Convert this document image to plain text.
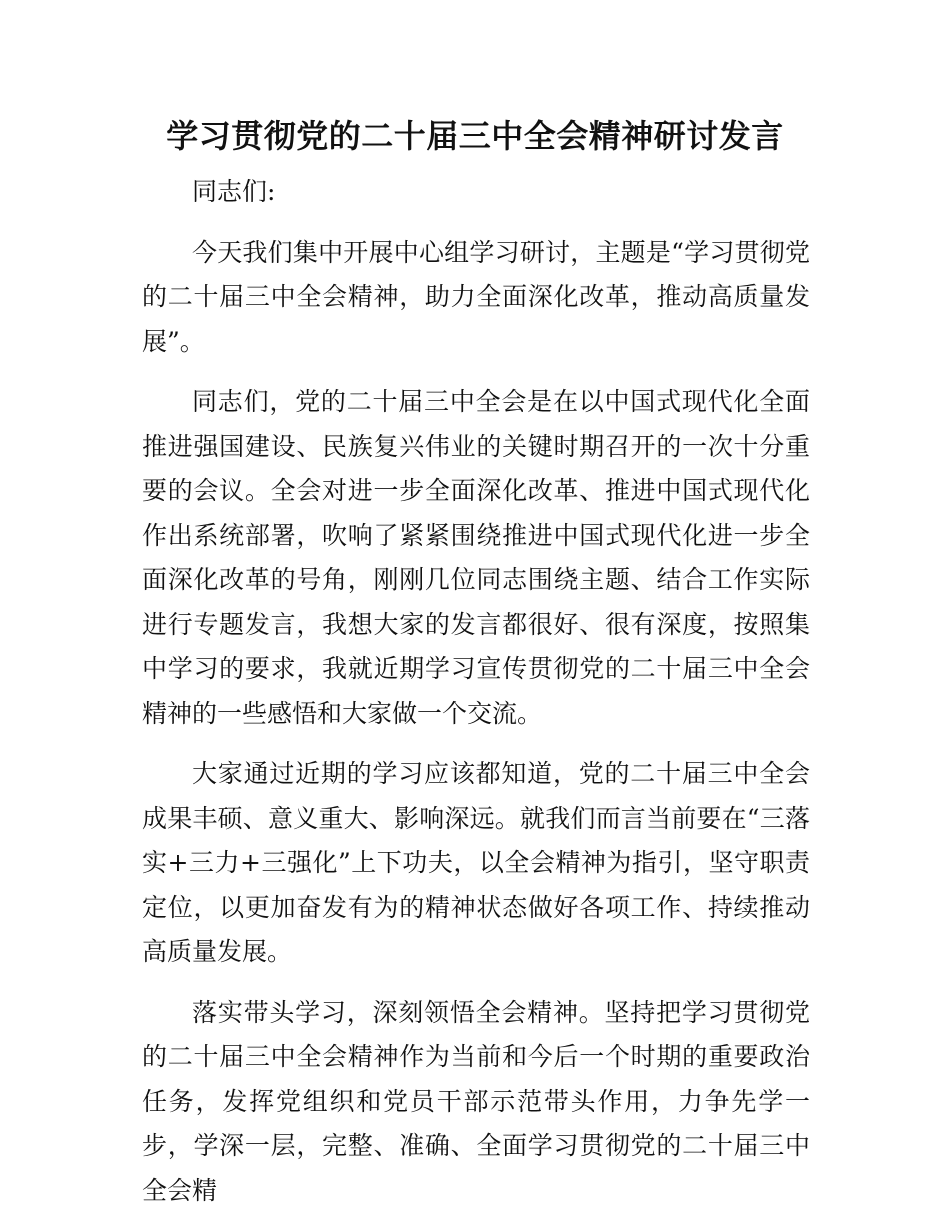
学习贯彻党的二十届三中全会精神研讨发言

同志们:

今天我们集中开展中心组学习研讨，主题是“学习贯彻党的二十届三中全会精神，助力全面深化改革，推动高质量发展”。

同志们，党的二十届三中全会是在以中国式现代化全面推进强国建设、民族复兴伟业的关键时期召开的一次十分重要的会议。全会对进一步全面深化改革、推进中国式现代化作出系统部署，吹响了紧紧围绕推进中国式现代化进一步全面深化改革的号角，刚刚几位同志围绕主题、结合工作实际进行专题发言，我想大家的发言都很好、很有深度，按照集中学习的要求，我就近期学习宣传贯彻党的二十届三中全会精神的一些感悟和大家做一个交流。

大家通过近期的学习应该都知道，党的二十届三中全会成果丰硕、意义重大、影响深远。就我们而言当前要在“三落实+三力+三强化”上下功夫，以全会精神为指引，坚守职责定位，以更加奋发有为的精神状态做好各项工作、持续推动高质量发展。

落实带头学习，深刻领悟全会精神。坚持把学习贯彻党的二十届三中全会精神作为当前和今后一个时期的重要政治任务，发挥党组织和党员干部示范带头作用，力争先学一步，学深一层，完整、准确、全面学习贯彻党的二十届三中全会精
